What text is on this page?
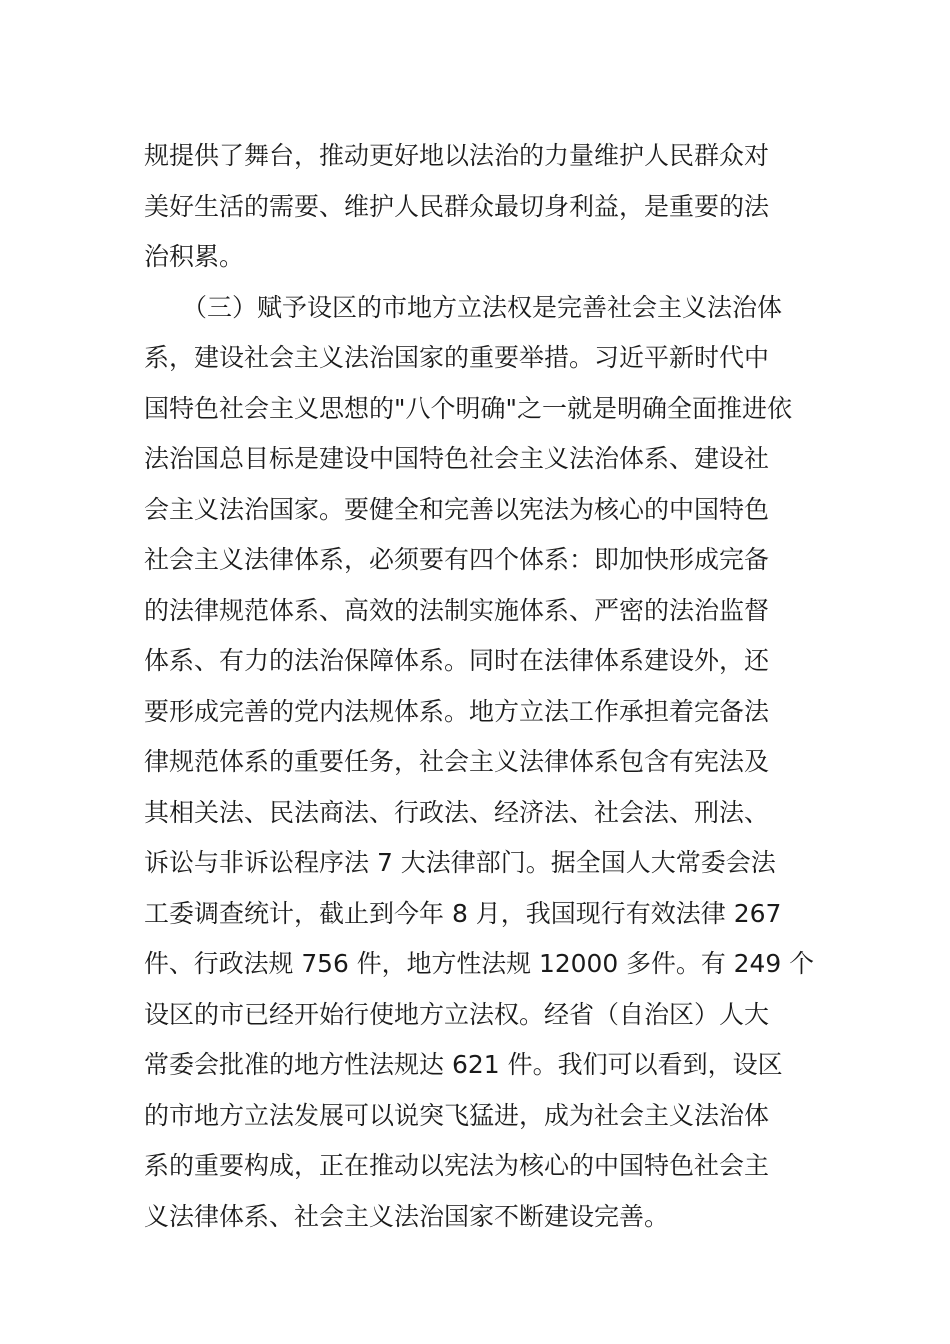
规提供了舞台，推动更好地以法治的力量维护人民群众对
美好生活的需要、维护人民群众最切身利益，是重要的法
治积累。
（三）赋予设区的市地方立法权是完善社会主义法治体
系，建设社会主义法治国家的重要举措。习近平新时代中
国特色社会主义思想的"八个明确"之一就是明确全面推进依
法治国总目标是建设中国特色社会主义法治体系、建设社
会主义法治国家。要健全和完善以宪法为核心的中国特色
社会主义法律体系，必须要有四个体系：即加快形成完备
的法律规范体系、高效的法制实施体系、严密的法治监督
体系、有力的法治保障体系。同时在法律体系建设外，还
要形成完善的党内法规体系。地方立法工作承担着完备法
律规范体系的重要任务，社会主义法律体系包含有宪法及
其相关法、民法商法、行政法、经济法、社会法、刑法、
诉讼与非诉讼程序法 7 大法律部门。据全国人大常委会法
工委调查统计，截止到今年 8 月，我国现行有效法律 267
件、行政法规 756 件，地方性法规 12000 多件。有 249 个
设区的市已经开始行使地方立法权。经省（自治区）人大
常委会批准的地方性法规达 621 件。我们可以看到，设区
的市地方立法发展可以说突飞猛进，成为社会主义法治体
系的重要构成，正在推动以宪法为核心的中国特色社会主
义法律体系、社会主义法治国家不断建设完善。
